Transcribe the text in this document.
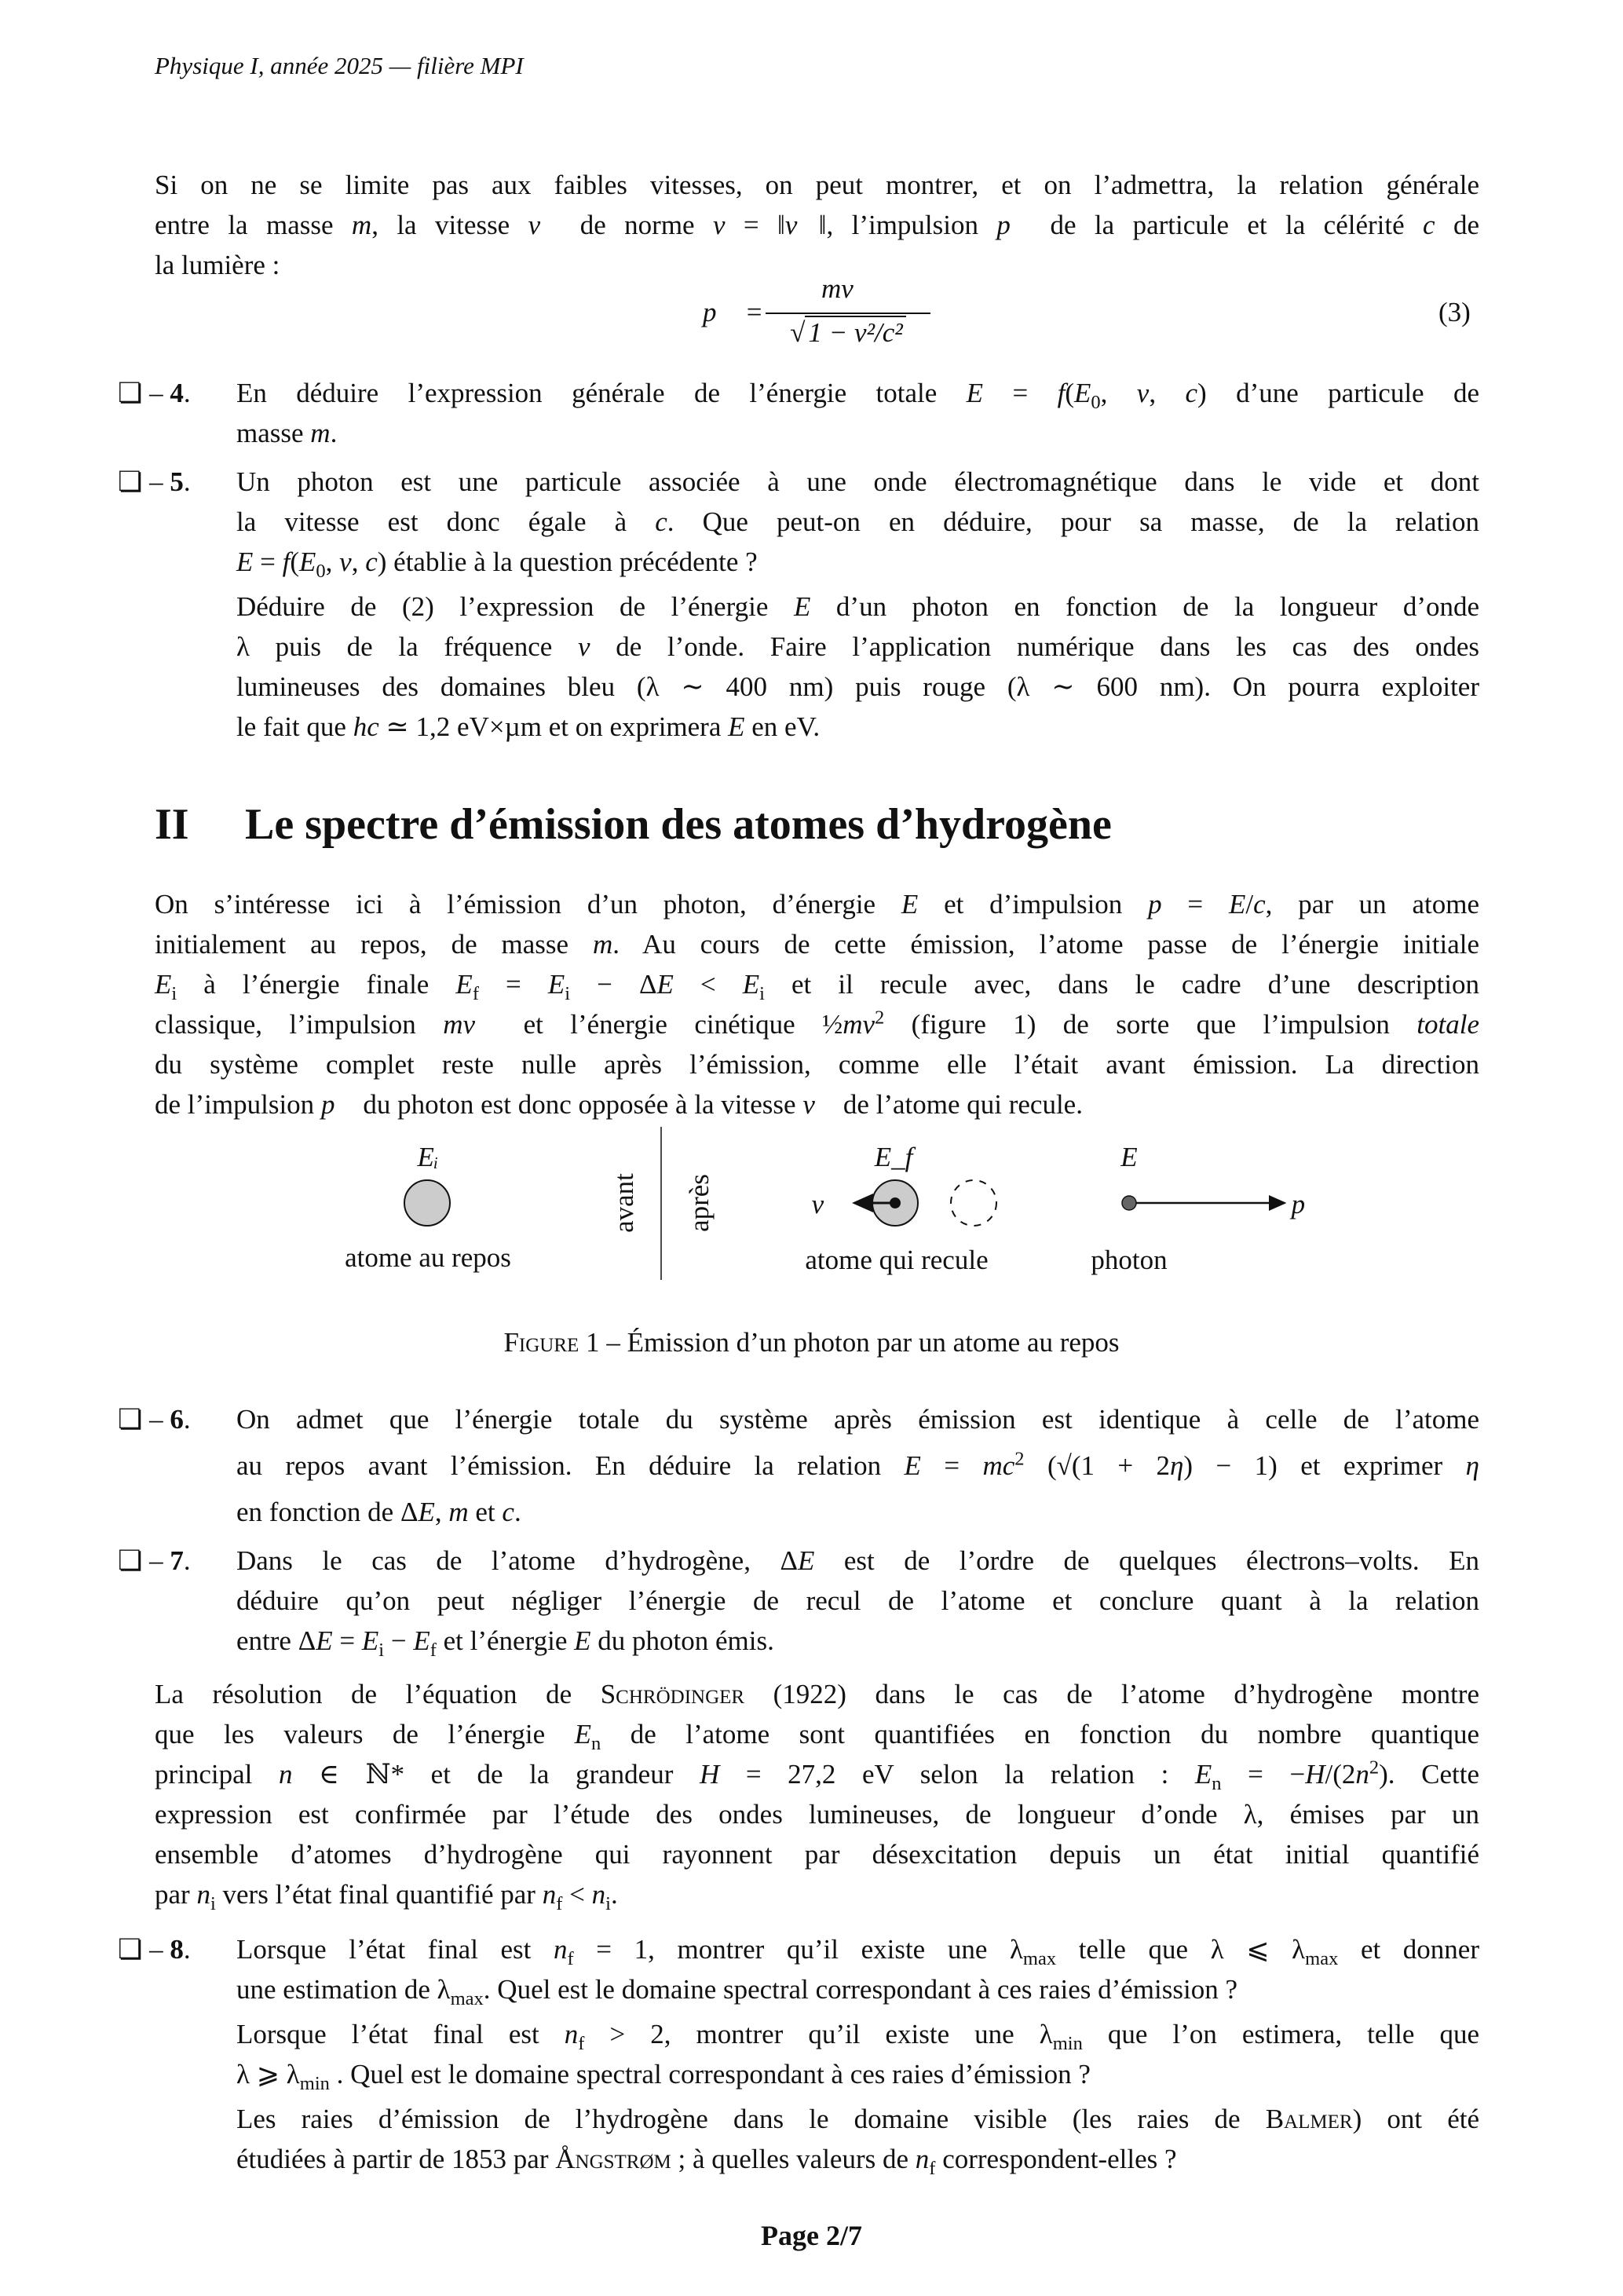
Physique I, année 2025 — filière MPI
Si on ne se limite pas aux faibles vitesses, on peut montrer, et on l’admettra, la relation générale
entre la masse m, la vitesse v⃗ de norme v = ‖v⃗‖, l’impulsion p⃗ de la particule et la célérité c de
la lumière :
p⃗ =
mv⃗
√ 1 − v²/c²
(3)
❏ – 4. En déduire l’expression générale de l’énergie totale $E = f(E_0$, v, c) d’une particule de
masse m.
❏ – 5. Un photon est une particule associée à une onde électromagnétique dans le vide et dont
la vitesse est donc égale à c. Que peut-on en déduire, pour sa masse, de la relation
$E = f(E_0$, v, c) établie à la question précédente ?
Déduire de (2) l’expression de l’énergie E d’un photon en fonction de la longueur d’onde
λ puis de la fréquence ν de l’onde. Faire l’application numérique dans les cas des ondes
lumineuses des domaines bleu (λ ∼ 400 nm) puis rouge (λ ∼ 600 nm). On pourra exploiter
le fait que hc ≃ 1,2 eV×µm et on exprimera E en eV.
II Le spectre d’émission des atomes d’hydrogène
On s’intéresse ici à l’émission d’un photon, d’énergie E et d’impulsion p = E/c, par un atome
initialement au repos, de masse m. Au cours de cette émission, l’atome passe de l’énergie initiale
$E_i$ à l’énergie finale $E_f = E_i - \Delta E < E_i$ et il recule avec, dans le cadre d’une description
classique, l’impulsion mv⃗ et l’énergie cinétique $\frac{1}{2}mv^2$ (figure 1) de sorte que l’impulsion totale
du système complet reste nulle après l’émission, comme elle l’était avant émission. La direction
de l’impulsion p⃗ du photon est donc opposée à la vitesse v⃗ de l’atome qui recule.
Eᵢ
atome au repos
avant après
E_f
v⃗
atome qui recule
E
p⃗
photon
Figure 1 – Émission d’un photon par un atome au repos
❏ – 6. On admet que l’énergie totale du système après émission est identique à celle de l’atome
au repos avant l’émission. En déduire la relation $E = mc^2$ (√(1 + 2η) − 1) et exprimer η
en fonction de ΔE, m et c.
❏ – 7. Dans le cas de l’atome d’hydrogène, ΔE est de l’ordre de quelques électrons–volts. En
déduire qu’on peut négliger l’énergie de recul de l’atome et conclure quant à la relation
entre $\Delta E = E_i - E_f$ et l’énergie E du photon émis.
La résolution de l’équation de Schrödinger (1922) dans le cas de l’atome d’hydrogène montre
que les valeurs de l’énergie $E_n$ de l’atome sont quantifiées en fonction du nombre quantique
principal n ∈ ℕ* et de la grandeur H = 27,2 eV selon la relation : $E_n = -H/(2n^2)$. Cette
expression est confirmée par l’étude des ondes lumineuses, de longueur d’onde λ, émises par un
ensemble d’atomes d’hydrogène qui rayonnent par désexcitation depuis un état initial quantifié
par $n_i$ vers l’état final quantifié par $n_f < n_i$.
❏ – 8. Lorsque l’état final est $n_f = 1$, montrer qu’il existe une $\lambda_{max}$ telle que λ ⩽ $\lambda_{max}$ et donner
une estimation de $\lambda_{max}$. Quel est le domaine spectral correspondant à ces raies d’émission ?
Lorsque l’état final est $n_f > 2$, montrer qu’il existe une $\lambda_{min}$ que l’on estimera, telle que
λ ⩾ $\lambda_{min}$ . Quel est le domaine spectral correspondant à ces raies d’émission ?
Les raies d’émission de l’hydrogène dans le domaine visible (les raies de Balmer) ont été
étudiées à partir de 1853 par Ångstrøm ; à quelles valeurs de $n_f$ correspondent-elles ?
Page 2/7
